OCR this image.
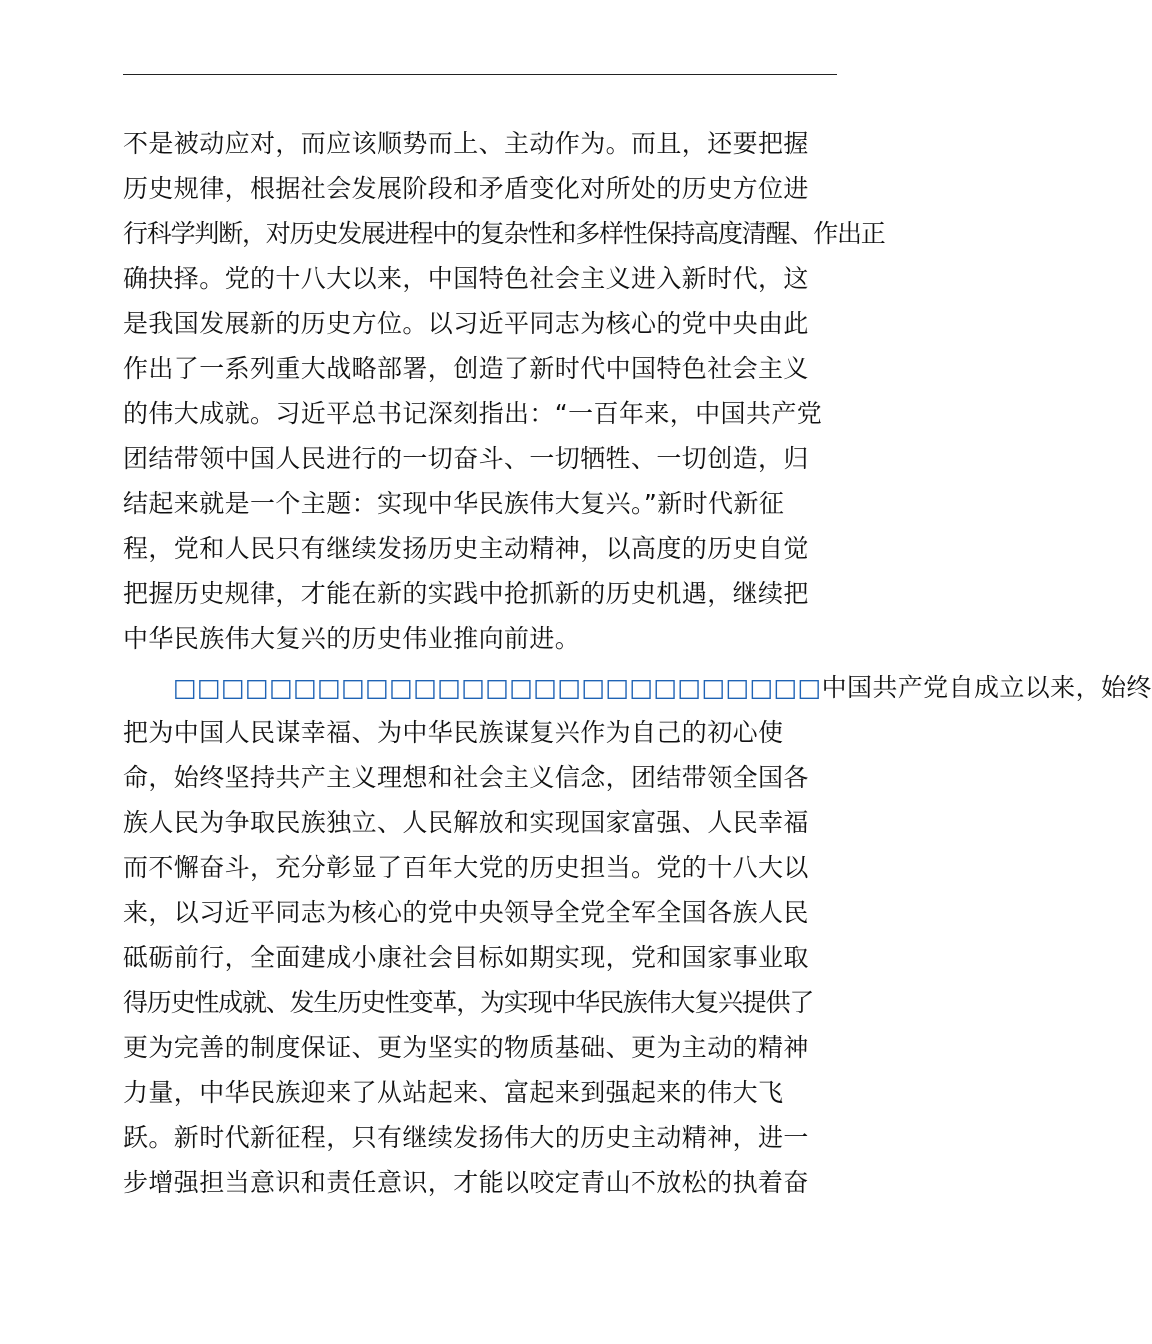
不是被动应对，而应该顺势而上、主动作为。而且，还要把握
历史规律，根据社会发展阶段和矛盾变化对所处的历史方位进
行科学判断，对历史发展进程中的复杂性和多样性保持高度清醒、作出正
确抉择。党的十八大以来，中国特色社会主义进入新时代，这
是我国发展新的历史方位。以习近平同志为核心的党中央由此
作出了一系列重大战略部署，创造了新时代中国特色社会主义
的伟大成就。习近平总书记深刻指出：“一百年来，中国共产党
团结带领中国人民进行的一切奋斗、一切牺牲、一切创造，归
结起来就是一个主题：实现中华民族伟大复兴。”新时代新征
程，党和人民只有继续发扬历史主动精神，以高度的历史自觉
把握历史规律，才能在新的实践中抢抓新的历史机遇，继续把
中华民族伟大复兴的历史伟业推向前进。
□□□□□□□□□□□□□□□□□□□□□□□□□□□中国共产党自成立以来，始终
把为中国人民谋幸福、为中华民族谋复兴作为自己的初心使
命，始终坚持共产主义理想和社会主义信念，团结带领全国各
族人民为争取民族独立、人民解放和实现国家富强、人民幸福
而不懈奋斗，充分彰显了百年大党的历史担当。党的十八大以
来，以习近平同志为核心的党中央领导全党全军全国各族人民
砥砺前行，全面建成小康社会目标如期实现，党和国家事业取
得历史性成就、发生历史性变革，为实现中华民族伟大复兴提供了
更为完善的制度保证、更为坚实的物质基础、更为主动的精神
力量，中华民族迎来了从站起来、富起来到强起来的伟大飞
跃。新时代新征程，只有继续发扬伟大的历史主动精神，进一
步增强担当意识和责任意识，才能以咬定青山不放松的执着奋
